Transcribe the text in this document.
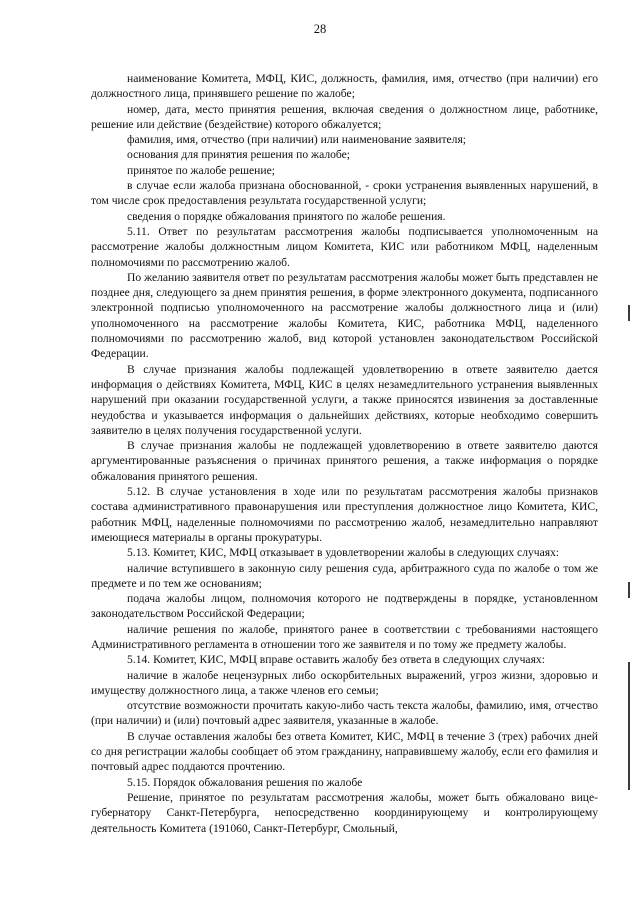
28

наименование Комитета, МФЦ, КИС, должность, фамилия, имя, отчество (при наличии) его должностного лица, принявшего решение по жалобе;

номер, дата, место принятия решения, включая сведения о должностном лице, работнике, решение или действие (бездействие) которого обжалуется;

фамилия, имя, отчество (при наличии) или наименование заявителя;

основания для принятия решения по жалобе;

принятое по жалобе решение;

в случае если жалоба признана обоснованной, - сроки устранения выявленных нарушений, в том числе срок предоставления результата государственной услуги;

сведения о порядке обжалования принятого по жалобе решения.

5.11. Ответ по результатам рассмотрения жалобы подписывается уполномоченным на рассмотрение жалобы должностным лицом Комитета, КИС или работником МФЦ, наделенным полномочиями по рассмотрению жалоб.

По желанию заявителя ответ по результатам рассмотрения жалобы может быть представлен не позднее дня, следующего за днем принятия решения, в форме электронного документа, подписанного электронной подписью уполномоченного на рассмотрение жалобы должностного лица и (или) уполномоченного на рассмотрение жалобы Комитета, КИС, работника МФЦ, наделенного полномочиями по рассмотрению жалоб, вид которой установлен законодательством Российской Федерации.

В случае признания жалобы подлежащей удовлетворению в ответе заявителю дается информация о действиях Комитета, МФЦ, КИС в целях незамедлительного устранения выявленных нарушений при оказании государственной услуги, а также приносятся извинения за доставленные неудобства и указывается информация о дальнейших действиях, которые необходимо совершить заявителю в целях получения государственной услуги.

В случае признания жалобы не подлежащей удовлетворению в ответе заявителю даются аргументированные разъяснения о причинах принятого решения, а также информация о порядке обжалования принятого решения.

5.12. В случае установления в ходе или по результатам рассмотрения жалобы признаков состава административного правонарушения или преступления должностное лицо Комитета, КИС, работник МФЦ, наделенные полномочиями по рассмотрению жалоб, незамедлительно направляют имеющиеся материалы в органы прокуратуры.

5.13. Комитет, КИС, МФЦ отказывает в удовлетворении жалобы в следующих случаях:

наличие вступившего в законную силу решения суда, арбитражного суда по жалобе о том же предмете и по тем же основаниям;

подача жалобы лицом, полномочия которого не подтверждены в порядке, установленном законодательством Российской Федерации;

наличие решения по жалобе, принятого ранее в соответствии с требованиями настоящего Административного регламента в отношении того же заявителя и по тому же предмету жалобы.

5.14. Комитет, КИС, МФЦ вправе оставить жалобу без ответа в следующих случаях:

наличие в жалобе нецензурных либо оскорбительных выражений, угроз жизни, здоровью и имуществу должностного лица, а также членов его семьи;

отсутствие возможности прочитать какую-либо часть текста жалобы, фамилию, имя, отчество (при наличии) и (или) почтовый адрес заявителя, указанные в жалобе.

В случае оставления жалобы без ответа Комитет, КИС, МФЦ в течение 3 (трех) рабочих дней со дня регистрации жалобы сообщает об этом гражданину, направившему жалобу, если его фамилия и почтовый адрес поддаются прочтению.

5.15. Порядок обжалования решения по жалобе

Решение, принятое по результатам рассмотрения жалобы, может быть обжаловано вице-губернатору Санкт-Петербурга, непосредственно координирующему и контролирующему деятельность Комитета (191060, Санкт-Петербург, Смольный,
